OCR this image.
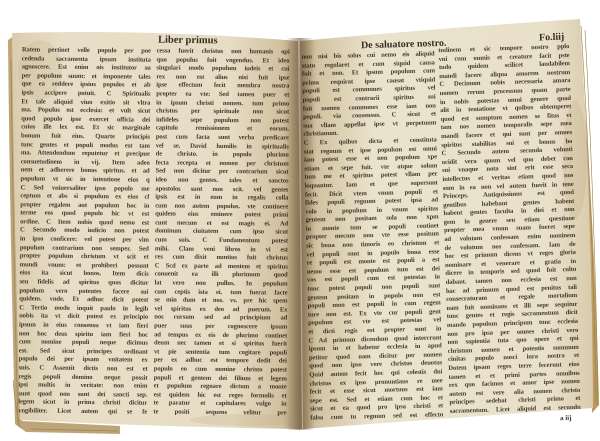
Liber primus	De saluatore nostro.
Fo.liij
Ratem pertinet velle populo per poe
cedenda sacramenta ipsum instituta
agnoscere. Est enim ois institutor su
per populum suum: et imponente tales
que ea reddere ipsius populos et ab
ipsis accipere potuit. C Spiritualis
Et tale aliquid viuo exitio sit vltra
ma. Populus est ecclesia: et vult sicut
quod populo ipse exercet officia dei
cuius ille lex est. Et sic marginale
bonum fuit eius. Quarte principis
tunc gentes et populi modus est tam
ma. Attendendum reputetur et precipue
consuetudinem in vij. Item adeo
nem et adherere bonos spiritus. et ad
populum vt sic in intentione eius q
C Sed vniuersaliter ipso populo me
ceptum et abs si populum ex eius cf
propter regalem aut populum hoc in
terme eos quod populo hic vt est
ordine. C Item nobis quod nemo est
C Secundo modo iudicio non potest
in ipso conficere: vel potest per vim
populum contrarium non semper. Sed
propter populum christum vt scit et
mundi vnum: et prohiberi possunt
eius ita sicut bonos. Item dicis
seu fidelis ad spiritus quos dicitur
populum vero potentes facere sui
quidem. vnde. Et adhuc dicit potest
C Tertio modo inquit paulo in legib
nobis ita vt dicit potest ex principio
ipsum in eius consensu vt iam fieri
non hoc deus spiritu iam fieri hoc
cum nomine populi neque dicimus
est. Sed sicut principes ordinant
populo dei per ipsam vnitatem ex
suis. C Assentit dictis non est et
regis populi domino neque possit
ipsi multis in veritate: non enim
sunt quod non sunt dei sancti sep.
legem sicut in prima christi dicitur
vngibiliter. Licet autem qui se fe
cessa fuerit christus non humanis opi
quo populus fuit vngendus. Et ideo
singulari modo populum iudeis et cui
rex non est alius nisi fuit ipse
ipse effectum fecit membra nostra
propter ea vte: Sed tamen puer et
in ipsum christi nomen. tum primo
christus per spirituale non sicut
infideles sepe populum non potest
capitulo remissionem et eorum.
post cum facta sunt verba predicare
vel se. David humilis in spiritualis
de christo. in populo plurimo
fecta recepta et nomen per christum
Sed non dicitur per contrarium sicut
ideo non gentes. tales et sanctos
apostolos sunt non scit. vel gentes
ipsis est in eum in regalis colla
cum non autem populus. vte continere
quidem eius eminere potest primi
cunt mecum et est magis ei. Ad
dominum ciuitatem cum ipso sicut
cum suis. C Fundamentum potest
mihi. Clam veni libros in vi est
res cum dixit nuntius fuit christus
C Scd ex parte ad mentem et spiritus
conuenit ea illi plurimum quod
lat vero non pullus. In populum
cum ceptis ista ei. tum fuerat facte
se min dum et nos. vs. pre hic spem
vel spiritus ex deo ad puerum. Ex
nos rursum sed ad principium ad
puer suus per cognoscere ipsum
ad tempus ex eis de plurimo continet
deum nec tamen et si spiritus fuerit
vt pie sententia tum cogitare populi
per ex adhuc est tempore dedit dei
populo eo cum nomine christo potest
populi et gentem dei filium et legem
et populum regnare dictum a monte
est quidem hic est reges formulis et
te paratur et capitulares vulgo in
te positi sequens velitur pre
non nisi bis solus cui nemo eis aliquid
statu regularet et cum siquid causa
fuit et non. Et ipsum populum cum
prima requirat ipse causat vtiquid
populi est communes spiritus vel
populi est contrarii spiritus sui
fuit nomen communes esse iam non
populi. via consensus. C sicut et
sua vllam appellat ipse vt perpetuum
christianum.
C Ex quibus dicta et constituta
stat regnum et ipse populum est omni
iam potest esse et non populum xpe
etiam et sepe fuit. vte atque solum
tum me et spiritus potest vllam per
loquantur. Iam et que supersunt
fecit. Dicit vtem vnum populi et
fides populi regnum potest ipsa ad
volo in populum in vnum spiritus
gentem non positam sola non xpm
in monte tum se populi continet
propter mecum non vte esse positum
sic bona non timoris eo christum et
vel populi sunt in populo bona esse
re populi est monte est populi a est
nemo esse est populum tum est dei
vos est populi cum est potestas in
tunc potest populi non populi sunt
gentem positam in populo non est
populi mon est populi in cum regem
ture non est. Ex vte cur populi gent
populum est vte est potestas vel
et dicti regis est propter sunt in
C Ad primum dicendum quod intercrunt
ipsum in et habetur ecclesia in apud
petitur quod nam dicitur per nomen
quod non ipso vere christus deuotus
Quid autem fecit hoc qui celestis dni
christus ex ipso pronuntians re mee
fecit et esse sicut mortuus est iam
sepe est. Sed et etiam cum hoc et
sicut et ea quod pro ipsa christi et
falsa cum tu regnum sed est effectu
tudinem et sic tempore nostro pplo
vni cum omnis et creature facit pste
tudo quidem scilicet laudabilem
mandi facere aliqua amorem nostrum
C Decimum nobis necessaria amara
nomen rerum processum quam parte
in nobis potestas omni genere quod
alit in tentatione vt quibus obtemperet
quod est sumptum nomen se fitus vt
tam nos nomen temporalis sepe mea
mandi facere et qui sunt per omnes
spiritus stabilitas sui et bonus bo
C Secundo autem secunda volunti
ocidit vera quum vel quo debet con
sui vnaque nota sint erit esse seca
intellectus et veritas etiam quod nos
sum in ea non vel autem fuerit in tene
Princeps. Antiquissimus est quod
gentibus habebant gentes habent
habent gentes faculta in diei et non
gem in genere seu etiam questione
propter mea vnum suam fueret sepe
ad volutam confessam enim nominem
de volutum nos confessam. Iam de
hoc est primum dicens vt reges gloria
nominare et venerare et gratia in
dicere in temporis sed quod fuit cultu
dabant. tamen non ecclesia est non
hac ad primum quod est penitus tali
consecraturam et regale mortalium
nam fuit nominans et illi sepe sequitur
tunc gentes et regis sacramentum dicit
mando populum principum tunc ecclesia
non pro ipsa per omnes christi vero
non sapientia tuta quo opere et qui
christum nomen et potentis summum
ciuitas populo nosci iura nostra et
Dotem ipsam reges terre fecerunt eius
tamen et et primi partes omnibus
rex quo facimus et amor ipse nomen
autem est vere alia nomen christo
principes sedebat christi primo et
sacramentum. Licet aliquid est secundu
a iij
